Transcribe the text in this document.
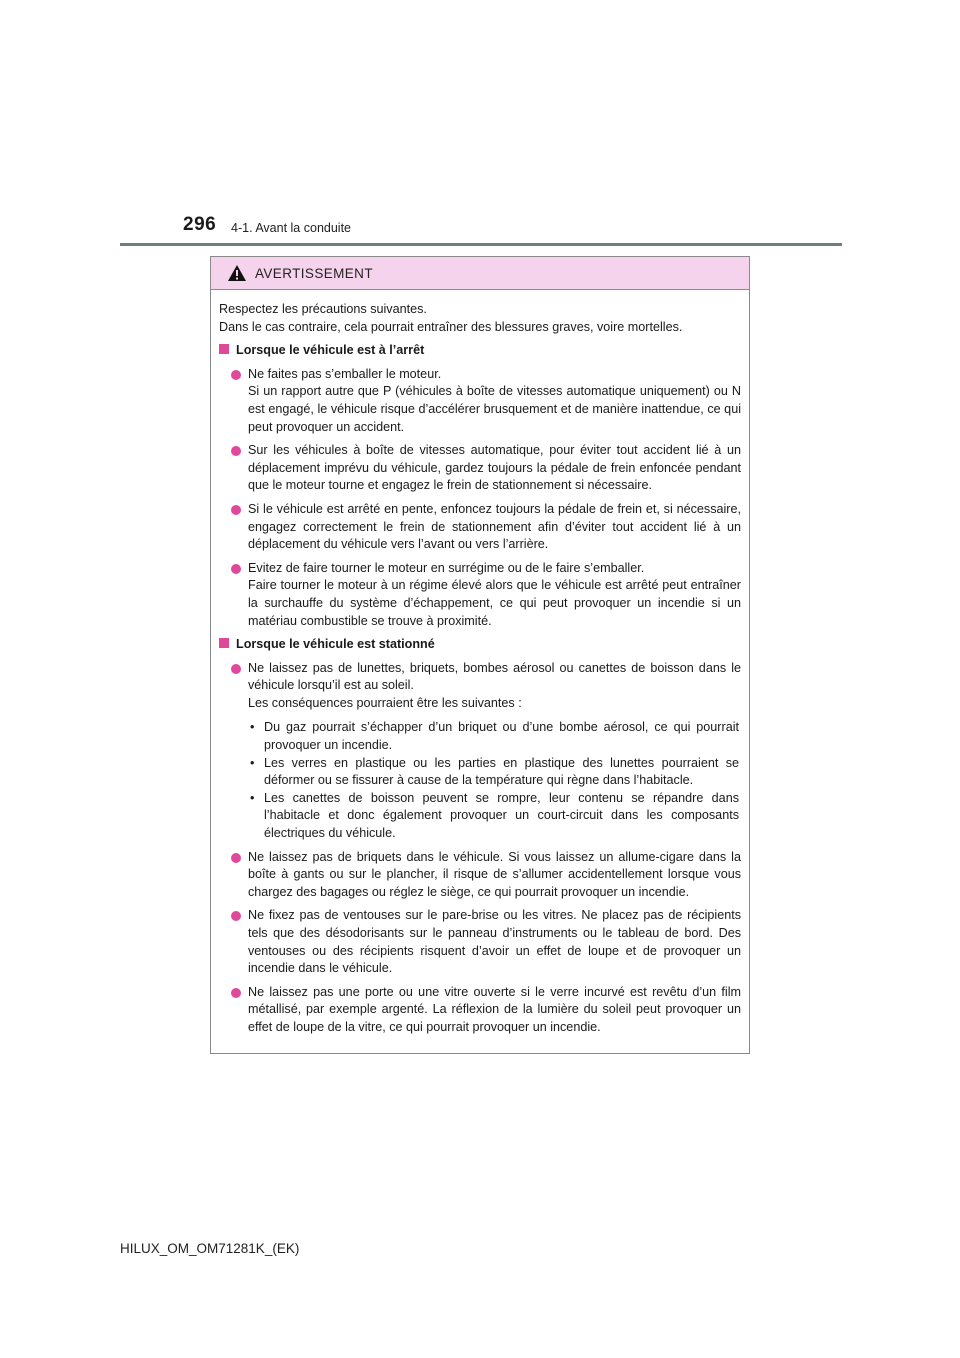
296 4-1. Avant la conduite
AVERTISSEMENT

Respectez les précautions suivantes.

Dans le cas contraire, cela pourrait entraîner des blessures graves, voire mortelles.

Lorsque le véhicule est à l’arrêt

Ne faites pas s’emballer le moteur.

Si un rapport autre que P (véhicules à boîte de vitesses automatique uniquement) ou N est engagé, le véhicule risque d’accélérer brusquement et de manière inattendue, ce qui peut provoquer un accident.

Sur les véhicules à boîte de vitesses automatique, pour éviter tout accident lié à un déplacement imprévu du véhicule, gardez toujours la pédale de frein enfoncée pendant que le moteur tourne et engagez le frein de stationnement si nécessaire.

Si le véhicule est arrêté en pente, enfoncez toujours la pédale de frein et, si nécessaire, engagez correctement le frein de stationnement afin d’éviter tout accident lié à un déplacement du véhicule vers l’avant ou vers l’arrière.

Evitez de faire tourner le moteur en surrégime ou de le faire s’emballer.

Faire tourner le moteur à un régime élevé alors que le véhicule est arrêté peut entraîner la surchauffe du système d’échappement, ce qui peut provoquer un incendie si un matériau combustible se trouve à proximité.

Lorsque le véhicule est stationné

Ne laissez pas de lunettes, briquets, bombes aérosol ou canettes de boisson dans le véhicule lorsqu’il est au soleil.

Les conséquences pourraient être les suivantes :

• Du gaz pourrait s’échapper d’un briquet ou d’une bombe aérosol, ce qui pourrait provoquer un incendie.
• Les verres en plastique ou les parties en plastique des lunettes pourraient se déformer ou se fissurer à cause de la température qui règne dans l’habitacle.
• Les canettes de boisson peuvent se rompre, leur contenu se répandre dans l’habitacle et donc également provoquer un court-circuit dans les composants électriques du véhicule.

Ne laissez pas de briquets dans le véhicule. Si vous laissez un allume-cigare dans la boîte à gants ou sur le plancher, il risque de s’allumer accidentellement lorsque vous chargez des bagages ou réglez le siège, ce qui pourrait provoquer un incendie.

Ne fixez pas de ventouses sur le pare-brise ou les vitres. Ne placez pas de récipients tels que des désodorisants sur le panneau d’instruments ou le tableau de bord. Des ventouses ou des récipients risquent d’avoir un effet de loupe et de provoquer un incendie dans le véhicule.

Ne laissez pas une porte ou une vitre ouverte si le verre incurvé est revêtu d’un film métallisé, par exemple argenté. La réflexion de la lumière du soleil peut provoquer un effet de loupe de la vitre, ce qui pourrait provoquer un incendie.

HILUX_OM_OM71281K_(EK)
